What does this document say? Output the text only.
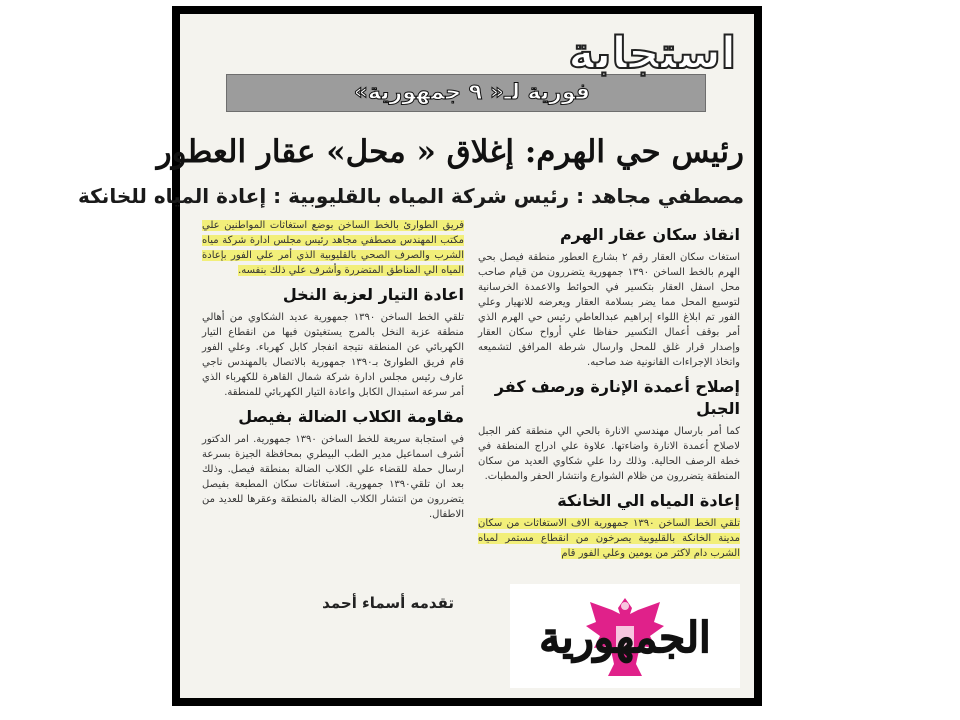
فورية لـ« ٩ جمهورية»
استجابة
رئيس حي الهرم: إغلاق « محل» عقار العطور
مصطفي مجاهد : رئيس شركة المياه بالقليوبية : إعادة المياه للخانكة
انقاذ سكان عقار الهرم

استغاث سكان العقار رقم ٢ بشارع العطور منطقة فيصل بحي الهرم بالخط الساخن ١٣٩٠ جمهورية يتضررون من قيام صاحب محل اسفل العقار بتكسير في الحوائط والاعمدة الخرسانية لتوسيع المحل مما يضر بسلامة العقار ويعرضه للانهيار وعلي الفور تم ابلاغ اللواء إبراهيم عبدالعاطي رئيس حي الهرم الذي أمر بوقف أعمال التكسير حفاظا علي أرواح سكان العقار وإصدار قرار غلق للمحل وارسال شرطة المرافق لتشميعه واتخاذ الإجراءات القانونية ضد صاحبه.

إصلاح أعمدة الإنارة ورصف كفر الجبل

كما أمر بارسال مهندسي الانارة بالحي الي منطقة كفر الجبل لاصلاح أعمدة الانارة واضاءتها. علاوة علي ادراج المنطقة في خطة الرصف الحالية. وذلك ردا علي شكاوي العديد من سكان المنطقة يتضررون من ظلام الشوارع وانتشار الحفر والمطبات.

إعادة المياه الي الخانكة

تلقي الخط الساخن ١٣٩٠ جمهورية الاف الاستغاثات من سكان مدينة الخانكة بالقليوبية يصرخون من انقطاع مستمر لمياه الشرب دام لاكثر من يومين وعلي الفور قام

فريق الطوارئ بالخط الساخن بوضع استغاثات المواطنين علي مكتب المهندس مصطفي مجاهد رئيس مجلس ادارة شركة مياه الشرب والصرف الصحي بالقليوبية الذي أمر علي الفور بإعادة المياه الي المناطق المتضررة وأشرف علي ذلك بنفسه.

اعادة التيار لعزبة النخل

تلقي الخط الساخن ١٣٩٠ جمهورية عديد الشكاوي من أهالي منطقة عزبة النخل بالمرج يستغيثون فيها من انقطاع التيار الكهربائي عن المنطقة نتيجة انفجار كابل كهرباء. وعلي الفور قام فريق الطوارئ بـ١٣٩٠ جمهورية بالاتصال بالمهندس ناجي عارف رئيس مجلس ادارة شركة شمال القاهرة للكهرباء الذي أمر سرعة استبدال الكابل واعادة التيار الكهربائي للمنطقة.

مقاومة الكلاب الضالة بفيصل

في استجابة سريعة للخط الساخن ١٣٩٠ جمهورية. امر الدكتور أشرف اسماعيل مدير الطب البيطري بمحافظة الجيزة بسرعة ارسال حملة للقضاء علي الكلاب الضالة بمنطقة فيصل. وذلك بعد ان تلقي١٣٩٠ جمهورية. استغاثات سكان المطبعة بفيصل يتضررون من انتشار الكلاب الضالة بالمنطقة وعقرها للعديد من الاطفال.

تقدمه أسماء أحمد
الجمهورية
